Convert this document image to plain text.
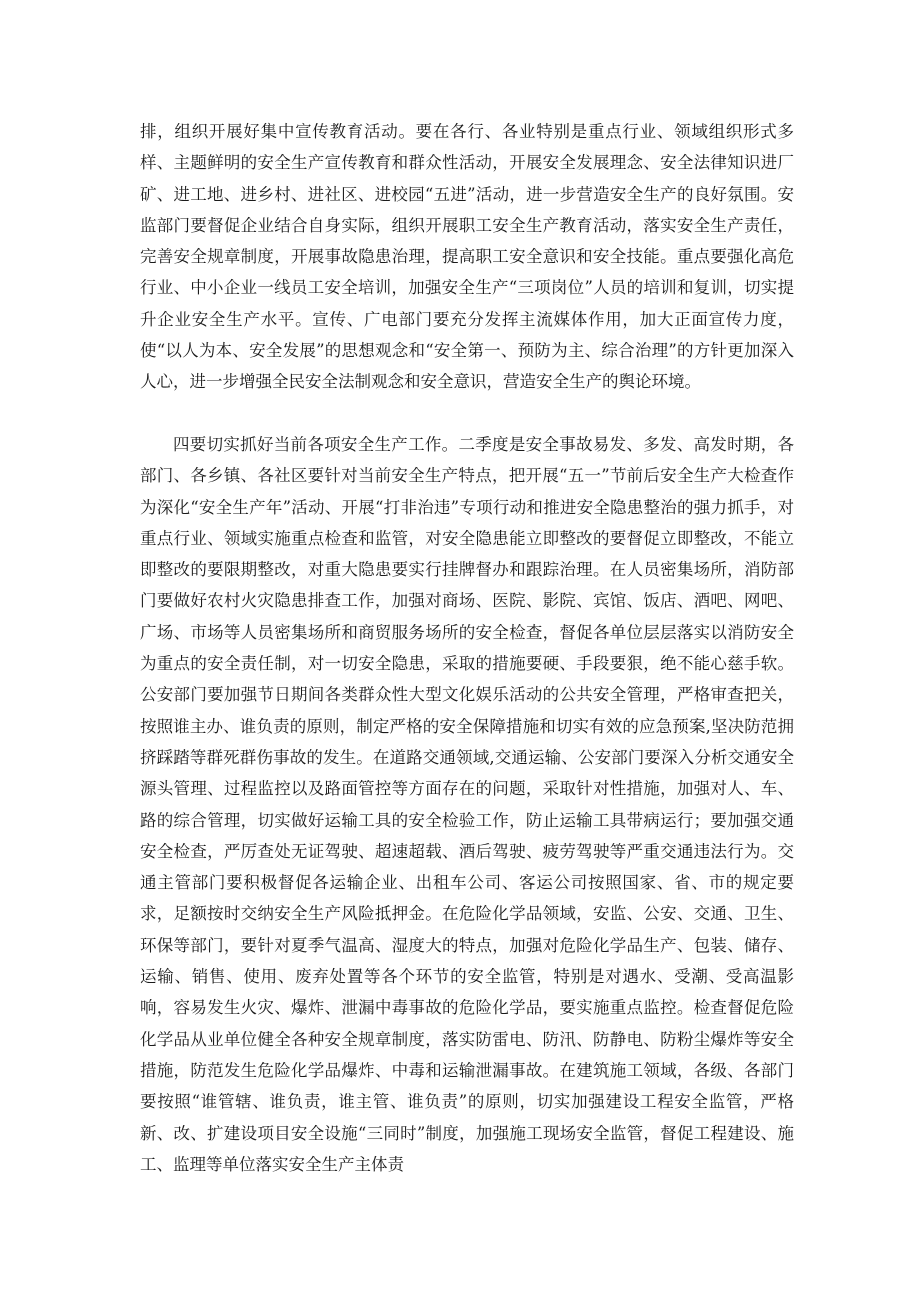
排，组织开展好集中宣传教育活动。要在各行、各业特别是重点行业、领域组织形式多样、主题鲜明的安全生产宣传教育和群众性活动，开展安全发展理念、安全法律知识进厂矿、进工地、进乡村、进社区、进校园“五进”活动，进一步营造安全生产的良好氛围。安监部门要督促企业结合自身实际，组织开展职工安全生产教育活动，落实安全生产责任，完善安全规章制度，开展事故隐患治理，提高职工安全意识和安全技能。重点要强化高危行业、中小企业一线员工安全培训，加强安全生产“三项岗位”人员的培训和复训，切实提升企业安全生产水平。宣传、广电部门要充分发挥主流媒体作用，加大正面宣传力度，使“以人为本、安全发展”的思想观念和“安全第一、预防为主、综合治理”的方针更加深入人心，进一步增强全民安全法制观念和安全意识，营造安全生产的舆论环境。

四要切实抓好当前各项安全生产工作。二季度是安全事故易发、多发、高发时期，各部门、各乡镇、各社区要针对当前安全生产特点，把开展“五一”节前后安全生产大检查作为深化“安全生产年”活动、开展“打非治违”专项行动和推进安全隐患整治的强力抓手，对重点行业、领域实施重点检查和监管，对安全隐患能立即整改的要督促立即整改，不能立即整改的要限期整改，对重大隐患要实行挂牌督办和跟踪治理。在人员密集场所，消防部门要做好农村火灾隐患排查工作，加强对商场、医院、影院、宾馆、饭店、酒吧、网吧、广场、市场等人员密集场所和商贸服务场所的安全检查，督促各单位层层落实以消防安全为重点的安全责任制，对一切安全隐患，采取的措施要硬、手段要狠，绝不能心慈手软。公安部门要加强节日期间各类群众性大型文化娱乐活动的公共安全管理，严格审查把关，按照谁主办、谁负责的原则，制定严格的安全保障措施和切实有效的应急预案,坚决防范拥挤踩踏等群死群伤事故的发生。在道路交通领域,交通运输、公安部门要深入分析交通安全源头管理、过程监控以及路面管控等方面存在的问题，采取针对性措施，加强对人、车、路的综合管理，切实做好运输工具的安全检验工作，防止运输工具带病运行；要加强交通安全检查，严厉查处无证驾驶、超速超载、酒后驾驶、疲劳驾驶等严重交通违法行为。交通主管部门要积极督促各运输企业、出租车公司、客运公司按照国家、省、市的规定要求，足额按时交纳安全生产风险抵押金。在危险化学品领域，安监、公安、交通、卫生、环保等部门，要针对夏季气温高、湿度大的特点，加强对危险化学品生产、包装、储存、运输、销售、使用、废弃处置等各个环节的安全监管，特别是对遇水、受潮、受高温影响，容易发生火灾、爆炸、泄漏中毒事故的危险化学品，要实施重点监控。检查督促危险化学品从业单位健全各种安全规章制度，落实防雷电、防汛、防静电、防粉尘爆炸等安全措施，防范发生危险化学品爆炸、中毒和运输泄漏事故。在建筑施工领域，各级、各部门要按照“谁管辖、谁负责，谁主管、谁负责”的原则，切实加强建设工程安全监管，严格新、改、扩建设项目安全设施“三同时”制度，加强施工现场安全监管，督促工程建设、施工、监理等单位落实安全生产主体责
